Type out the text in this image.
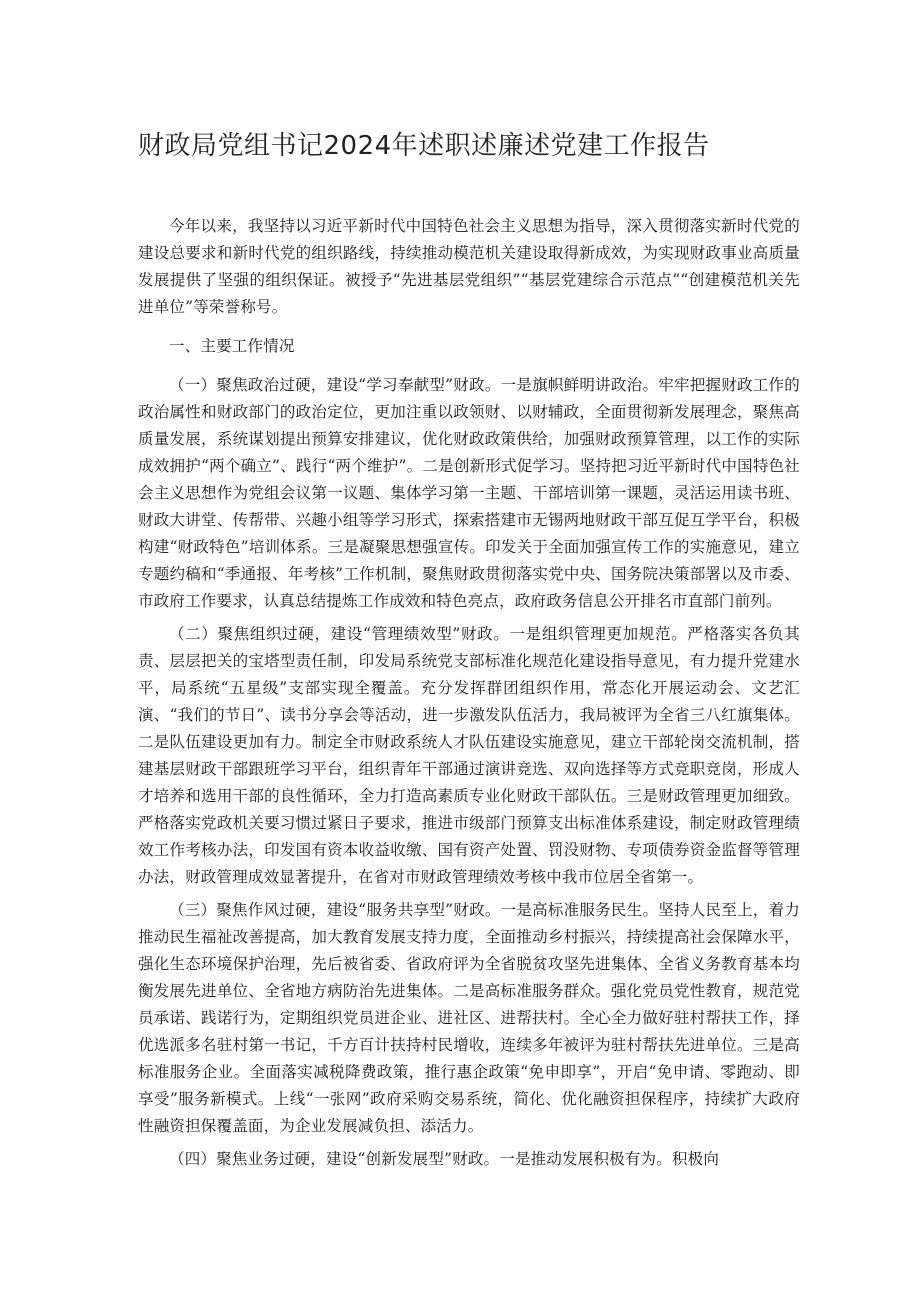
财政局党组书记2024年述职述廉述党建工作报告

今年以来，我坚持以习近平新时代中国特色社会主义思想为指导，深入贯彻落实新时代党的建设总要求和新时代党的组织路线，持续推动模范机关建设取得新成效，为实现财政事业高质量发展提供了坚强的组织保证。被授予“先进基层党组织”“基层党建综合示范点”“创建模范机关先进单位”等荣誉称号。

一、主要工作情况

（一）聚焦政治过硬，建设“学习奉献型”财政。一是旗帜鲜明讲政治。牢牢把握财政工作的政治属性和财政部门的政治定位，更加注重以政领财、以财辅政，全面贯彻新发展理念，聚焦高质量发展，系统谋划提出预算安排建议，优化财政政策供给，加强财政预算管理，以工作的实际成效拥护“两个确立”、践行“两个维护”。二是创新形式促学习。坚持把习近平新时代中国特色社会主义思想作为党组会议第一议题、集体学习第一主题、干部培训第一课题，灵活运用读书班、财政大讲堂、传帮带、兴趣小组等学习形式，探索搭建市无锡两地财政干部互促互学平台，积极构建“财政特色”培训体系。三是凝聚思想强宣传。印发关于全面加强宣传工作的实施意见，建立专题约稿和“季通报、年考核”工作机制，聚焦财政贯彻落实党中央、国务院决策部署以及市委、市政府工作要求，认真总结提炼工作成效和特色亮点，政府政务信息公开排名市直部门前列。

（二）聚焦组织过硬，建设“管理绩效型”财政。一是组织管理更加规范。严格落实各负其责、层层把关的宝塔型责任制，印发局系统党支部标准化规范化建设指导意见，有力提升党建水平，局系统“五星级”支部实现全覆盖。充分发挥群团组织作用，常态化开展运动会、文艺汇演、“我们的节日”、读书分享会等活动，进一步激发队伍活力，我局被评为全省三八红旗集体。二是队伍建设更加有力。制定全市财政系统人才队伍建设实施意见，建立干部轮岗交流机制，搭建基层财政干部跟班学习平台，组织青年干部通过演讲竞选、双向选择等方式竞职竞岗，形成人才培养和选用干部的良性循环，全力打造高素质专业化财政干部队伍。三是财政管理更加细致。严格落实党政机关要习惯过紧日子要求，推进市级部门预算支出标准体系建设，制定财政管理绩效工作考核办法，印发国有资本收益收缴、国有资产处置、罚没财物、专项债券资金监督等管理办法，财政管理成效显著提升，在省对市财政管理绩效考核中我市位居全省第一。

（三）聚焦作风过硬，建设“服务共享型”财政。一是高标准服务民生。坚持人民至上，着力推动民生福祉改善提高，加大教育发展支持力度，全面推动乡村振兴，持续提高社会保障水平，强化生态环境保护治理，先后被省委、省政府评为全省脱贫攻坚先进集体、全省义务教育基本均衡发展先进单位、全省地方病防治先进集体。二是高标准服务群众。强化党员党性教育，规范党员承诺、践诺行为，定期组织党员进企业、进社区、进帮扶村。全心全力做好驻村帮扶工作，择优选派多名驻村第一书记，千方百计扶持村民增收，连续多年被评为驻村帮扶先进单位。三是高标准服务企业。全面落实减税降费政策，推行惠企政策“免申即享”，开启“免申请、零跑动、即享受”服务新模式。上线“一张网”政府采购交易系统，简化、优化融资担保程序，持续扩大政府性融资担保覆盖面，为企业发展减负担、添活力。

（四）聚焦业务过硬，建设“创新发展型”财政。一是推动发展积极有为。积极向
